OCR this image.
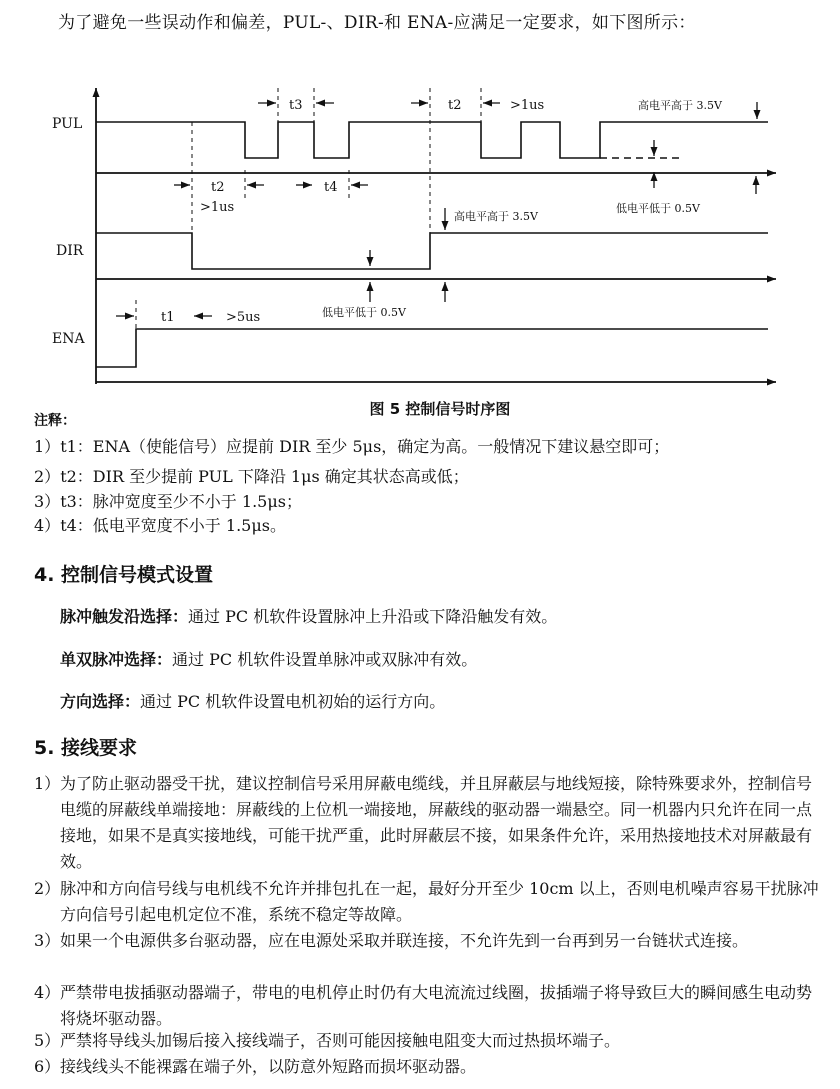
为了避免一些误动作和偏差，PUL-、DIR-和 ENA-应满足一定要求，如下图所示：
PUL
DIR
ENA
t3	t2	>1us	高电平高于 3.5V
t2
>1us
t4
低电平低于 0.5V
高电平高于 3.5V
低电平低于 0.5V
t1	>5us
图 5 控制信号时序图
注释：
1）t1：ENA（使能信号）应提前 DIR 至少 5μs，确定为高。一般情况下建议悬空即可；
2）t2：DIR 至少提前 PUL 下降沿 1μs 确定其状态高或低；
3）t3：脉冲宽度至少不小于 1.5μs；
4）t4：低电平宽度不小于 1.5μs。
4. 控制信号模式设置
脉冲触发沿选择：通过 PC 机软件设置脉冲上升沿或下降沿触发有效。
单双脉冲选择：通过 PC 机软件设置单脉冲或双脉冲有效。
方向选择：通过 PC 机软件设置电机初始的运行方向。
5. 接线要求
1） 为了防止驱动器受干扰，建议控制信号采用屏蔽电缆线，并且屏蔽层与地线短接，除特殊要求外，控制信号电缆的屏蔽线单端接地：屏蔽线的上位机一端接地，屏蔽线的驱动器一端悬空。同一机器内只允许在同一点接地，如果不是真实接地线，可能干扰严重，此时屏蔽层不接，如果条件允许，采用热接地技术对屏蔽最有效。
2） 脉冲和方向信号线与电机线不允许并排包扎在一起，最好分开至少 10cm 以上，否则电机噪声容易干扰脉冲方向信号引起电机定位不准，系统不稳定等故障。
3） 如果一个电源供多台驱动器，应在电源处采取并联连接，不允许先到一台再到另一台链状式连接。
4） 严禁带电拔插驱动器端子，带电的电机停止时仍有大电流流过线圈，拔插端子将导致巨大的瞬间感生电动势将烧坏驱动器。
5） 严禁将导线头加锡后接入接线端子，否则可能因接触电阻变大而过热损坏端子。
6） 接线线头不能裸露在端子外，以防意外短路而损坏驱动器。
